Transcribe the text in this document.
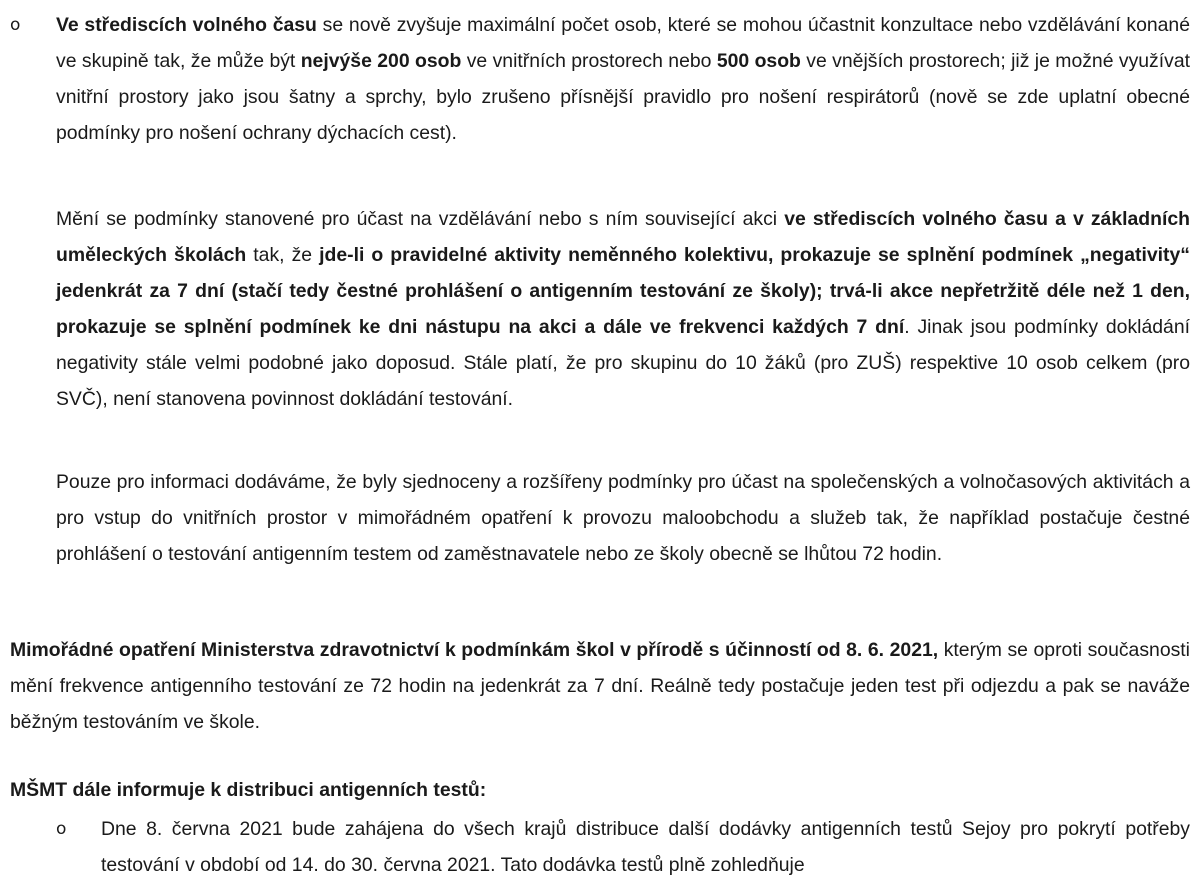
o Ve střediscích volného času se nově zvyšuje maximální počet osob, které se mohou účastnit konzultace nebo vzdělávání konané ve skupině tak, že může být nejvýše 200 osob ve vnitřních prostorech nebo 500 osob ve vnějších prostorech; již je možné využívat vnitřní prostory jako jsou šatny a sprchy, bylo zrušeno přísnější pravidlo pro nošení respirátorů (nově se zde uplatní obecné podmínky pro nošení ochrany dýchacích cest).
Mění se podmínky stanovené pro účast na vzdělávání nebo s ním související akci ve střediscích volného času a v základních uměleckých školách tak, že jde-li o pravidelné aktivity neměnného kolektivu, prokazuje se splnění podmínek „negativity“ jedenkrát za 7 dní (stačí tedy čestné prohlášení o antigenním testování ze školy); trvá-li akce nepřetržitě déle než 1 den, prokazuje se splnění podmínek ke dni nástupu na akci a dále ve frekvenci každých 7 dní. Jinak jsou podmínky dokládání negativity stále velmi podobné jako doposud. Stále platí, že pro skupinu do 10 žáků (pro ZUŠ) respektive 10 osob celkem (pro SVČ), není stanovena povinnost dokládání testování.
Pouze pro informaci dodáváme, že byly sjednoceny a rozšířeny podmínky pro účast na společenských a volnočasových aktivitách a pro vstup do vnitřních prostor v mimořádném opatření k provozu maloobchodu a služeb tak, že například postačuje čestné prohlášení o testování antigenním testem od zaměstnavatele nebo ze školy obecně se lhůtou 72 hodin.
Mimořádné opatření Ministerstva zdravotnictví k podmínkám škol v přírodě s účinností od 8. 6. 2021, kterým se oproti současnosti mění frekvence antigenního testování ze 72 hodin na jedenkrát za 7 dní. Reálně tedy postačuje jeden test při odjezdu a pak se naváže běžným testováním ve škole.
MŠMT dále informuje k distribuci antigenních testů:
o Dne 8. června 2021 bude zahájena do všech krajů distribuce další dodávky antigenních testů Sejoy pro pokrytí potřeby testování v období od 14. do 30. června 2021. Tato dodávka testů plně zohledňuje
